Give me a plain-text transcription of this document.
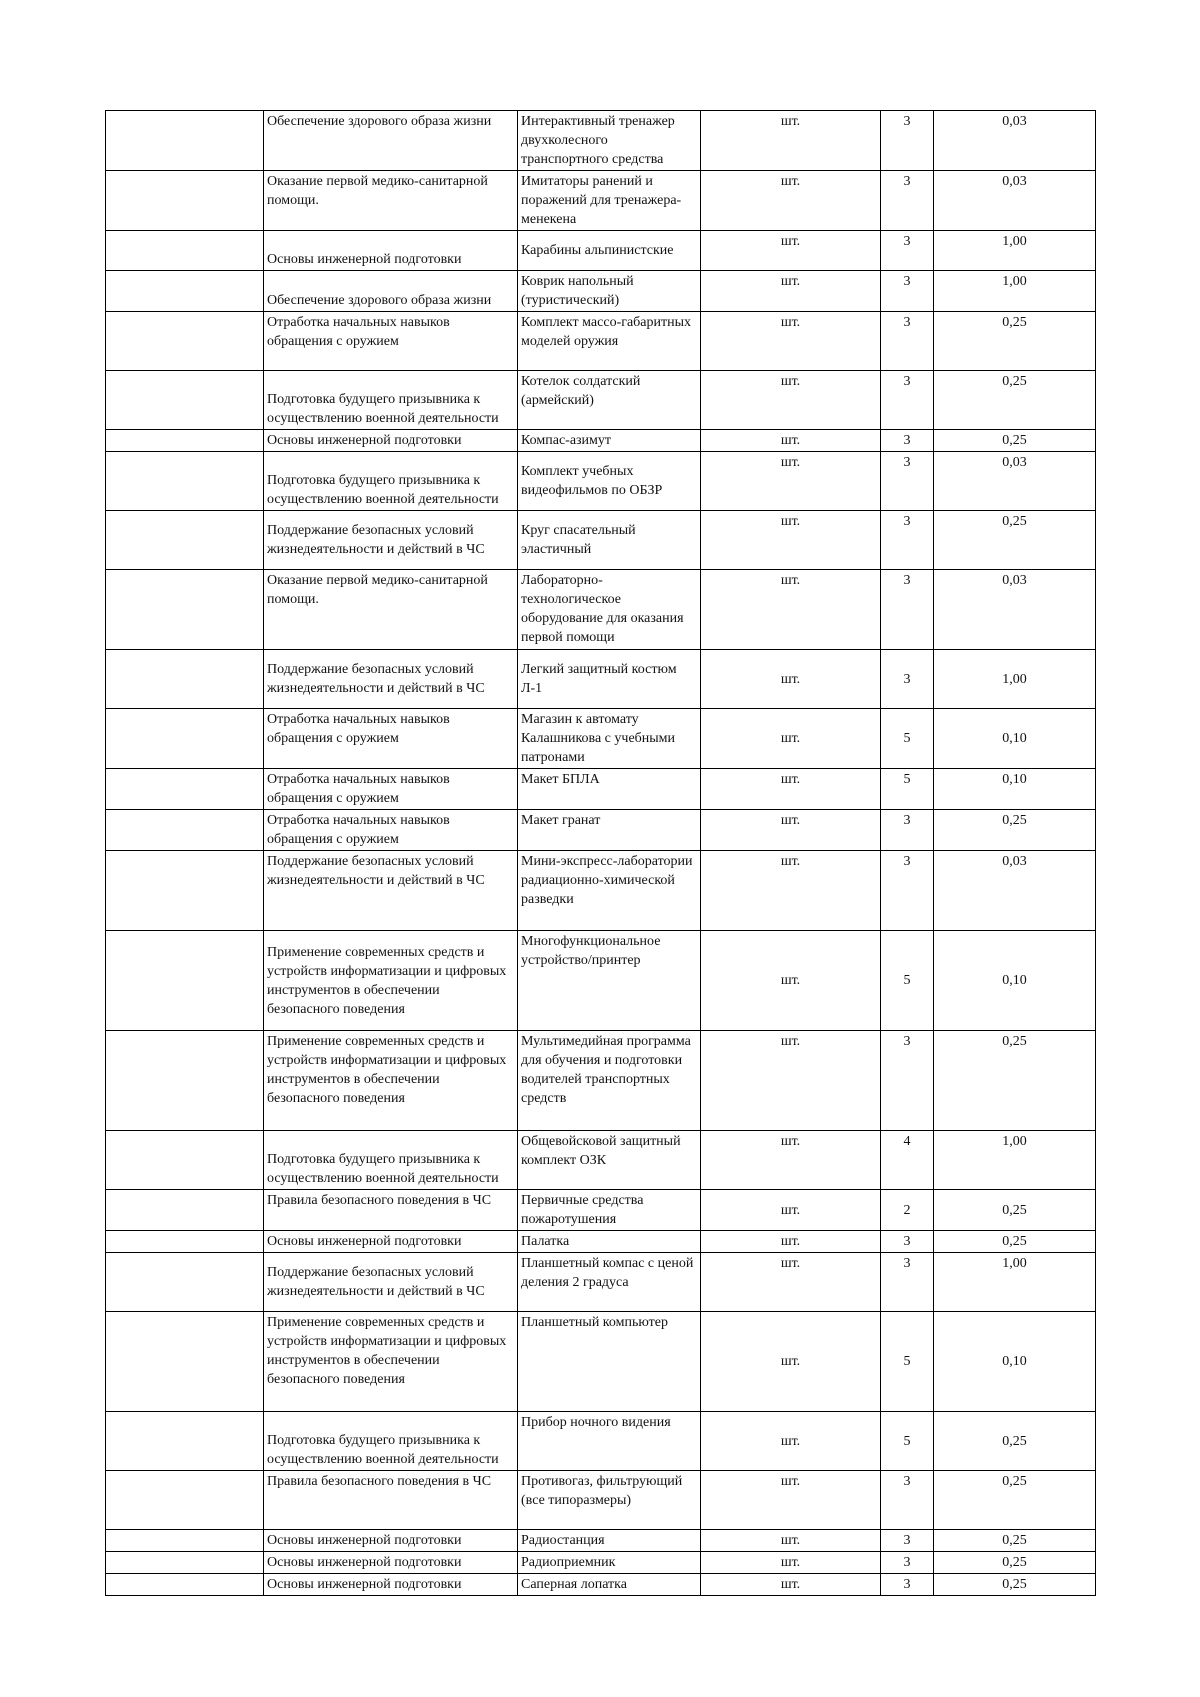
	Обеспечение здорового образа жизни	Интерактивный тренажер двухколесного транспортного средства	шт.	3	0,03
	Оказание первой медико-санитарной помощи.	Имитаторы ранений и поражений для тренажера-менекена	шт.	3	0,03
	Основы инженерной подготовки	Карабины альпинистские	шт.	3	1,00
	Обеспечение здорового образа жизни	Коврик напольный (туристический)	шт.	3	1,00
	Отработка начальных навыков обращения с оружием	Комплект массо-габаритных моделей оружия	шт.	3	0,25
	Подготовка будущего призывника к осуществлению военной деятельности	Котелок солдатский (армейский)	шт.	3	0,25
	Основы инженерной подготовки	Компас-азимут	шт.	3	0,25
	Подготовка будущего призывника к осуществлению военной деятельности	Комплект учебных видеофильмов по ОБЗР	шт.	3	0,03
	Поддержание безопасных условий жизнедеятельности и действий в ЧС	Круг спасательный эластичный	шт.	3	0,25
	Оказание первой медико-санитарной помощи.	Лабораторно-технологическое оборудование для оказания первой помощи	шт.	3	0,03
	Поддержание безопасных условий жизнедеятельности и действий в ЧС	Легкий защитный костюм Л-1	шт.	3	1,00
	Отработка начальных навыков обращения с оружием	Магазин к автомату Калашникова с учебными патронами	шт.	5	0,10
	Отработка начальных навыков обращения с оружием	Макет БПЛА	шт.	5	0,10
	Отработка начальных навыков обращения с оружием	Макет гранат	шт.	3	0,25
	Поддержание безопасных условий жизнедеятельности и действий в ЧС	Мини-экспресс-лаборатории радиационно-химической разведки	шт.	3	0,03
	Применение современных средств и устройств информатизации и цифровых инструментов в обеспечении безопасного поведения	Многофункциональное устройство/принтер	шт.	5	0,10
	Применение современных средств и устройств информатизации и цифровых инструментов в обеспечении безопасного поведения	Мультимедийная программа для обучения и подготовки водителей транспортных средств	шт.	3	0,25
	Подготовка будущего призывника к осуществлению военной деятельности	Общевойсковой защитный комплект ОЗК	шт.	4	1,00
	Правила безопасного поведения в ЧС	Первичные средства пожаротушения	шт.	2	0,25
	Основы инженерной подготовки	Палатка	шт.	3	0,25
	Поддержание безопасных условий жизнедеятельности и действий в ЧС	Планшетный компас с ценой деления 2 градуса	шт.	3	1,00
	Применение современных средств и устройств информатизации и цифровых инструментов в обеспечении безопасного поведения	Планшетный компьютер	шт.	5	0,10
	Подготовка будущего призывника к осуществлению военной деятельности	Прибор ночного видения	шт.	5	0,25
	Правила безопасного поведения в ЧС	Противогаз, фильтрующий (все типоразмеры)	шт.	3	0,25
	Основы инженерной подготовки	Радиостанция	шт.	3	0,25
	Основы инженерной подготовки	Радиоприемник	шт.	3	0,25
	Основы инженерной подготовки	Саперная лопатка	шт.	3	0,25
